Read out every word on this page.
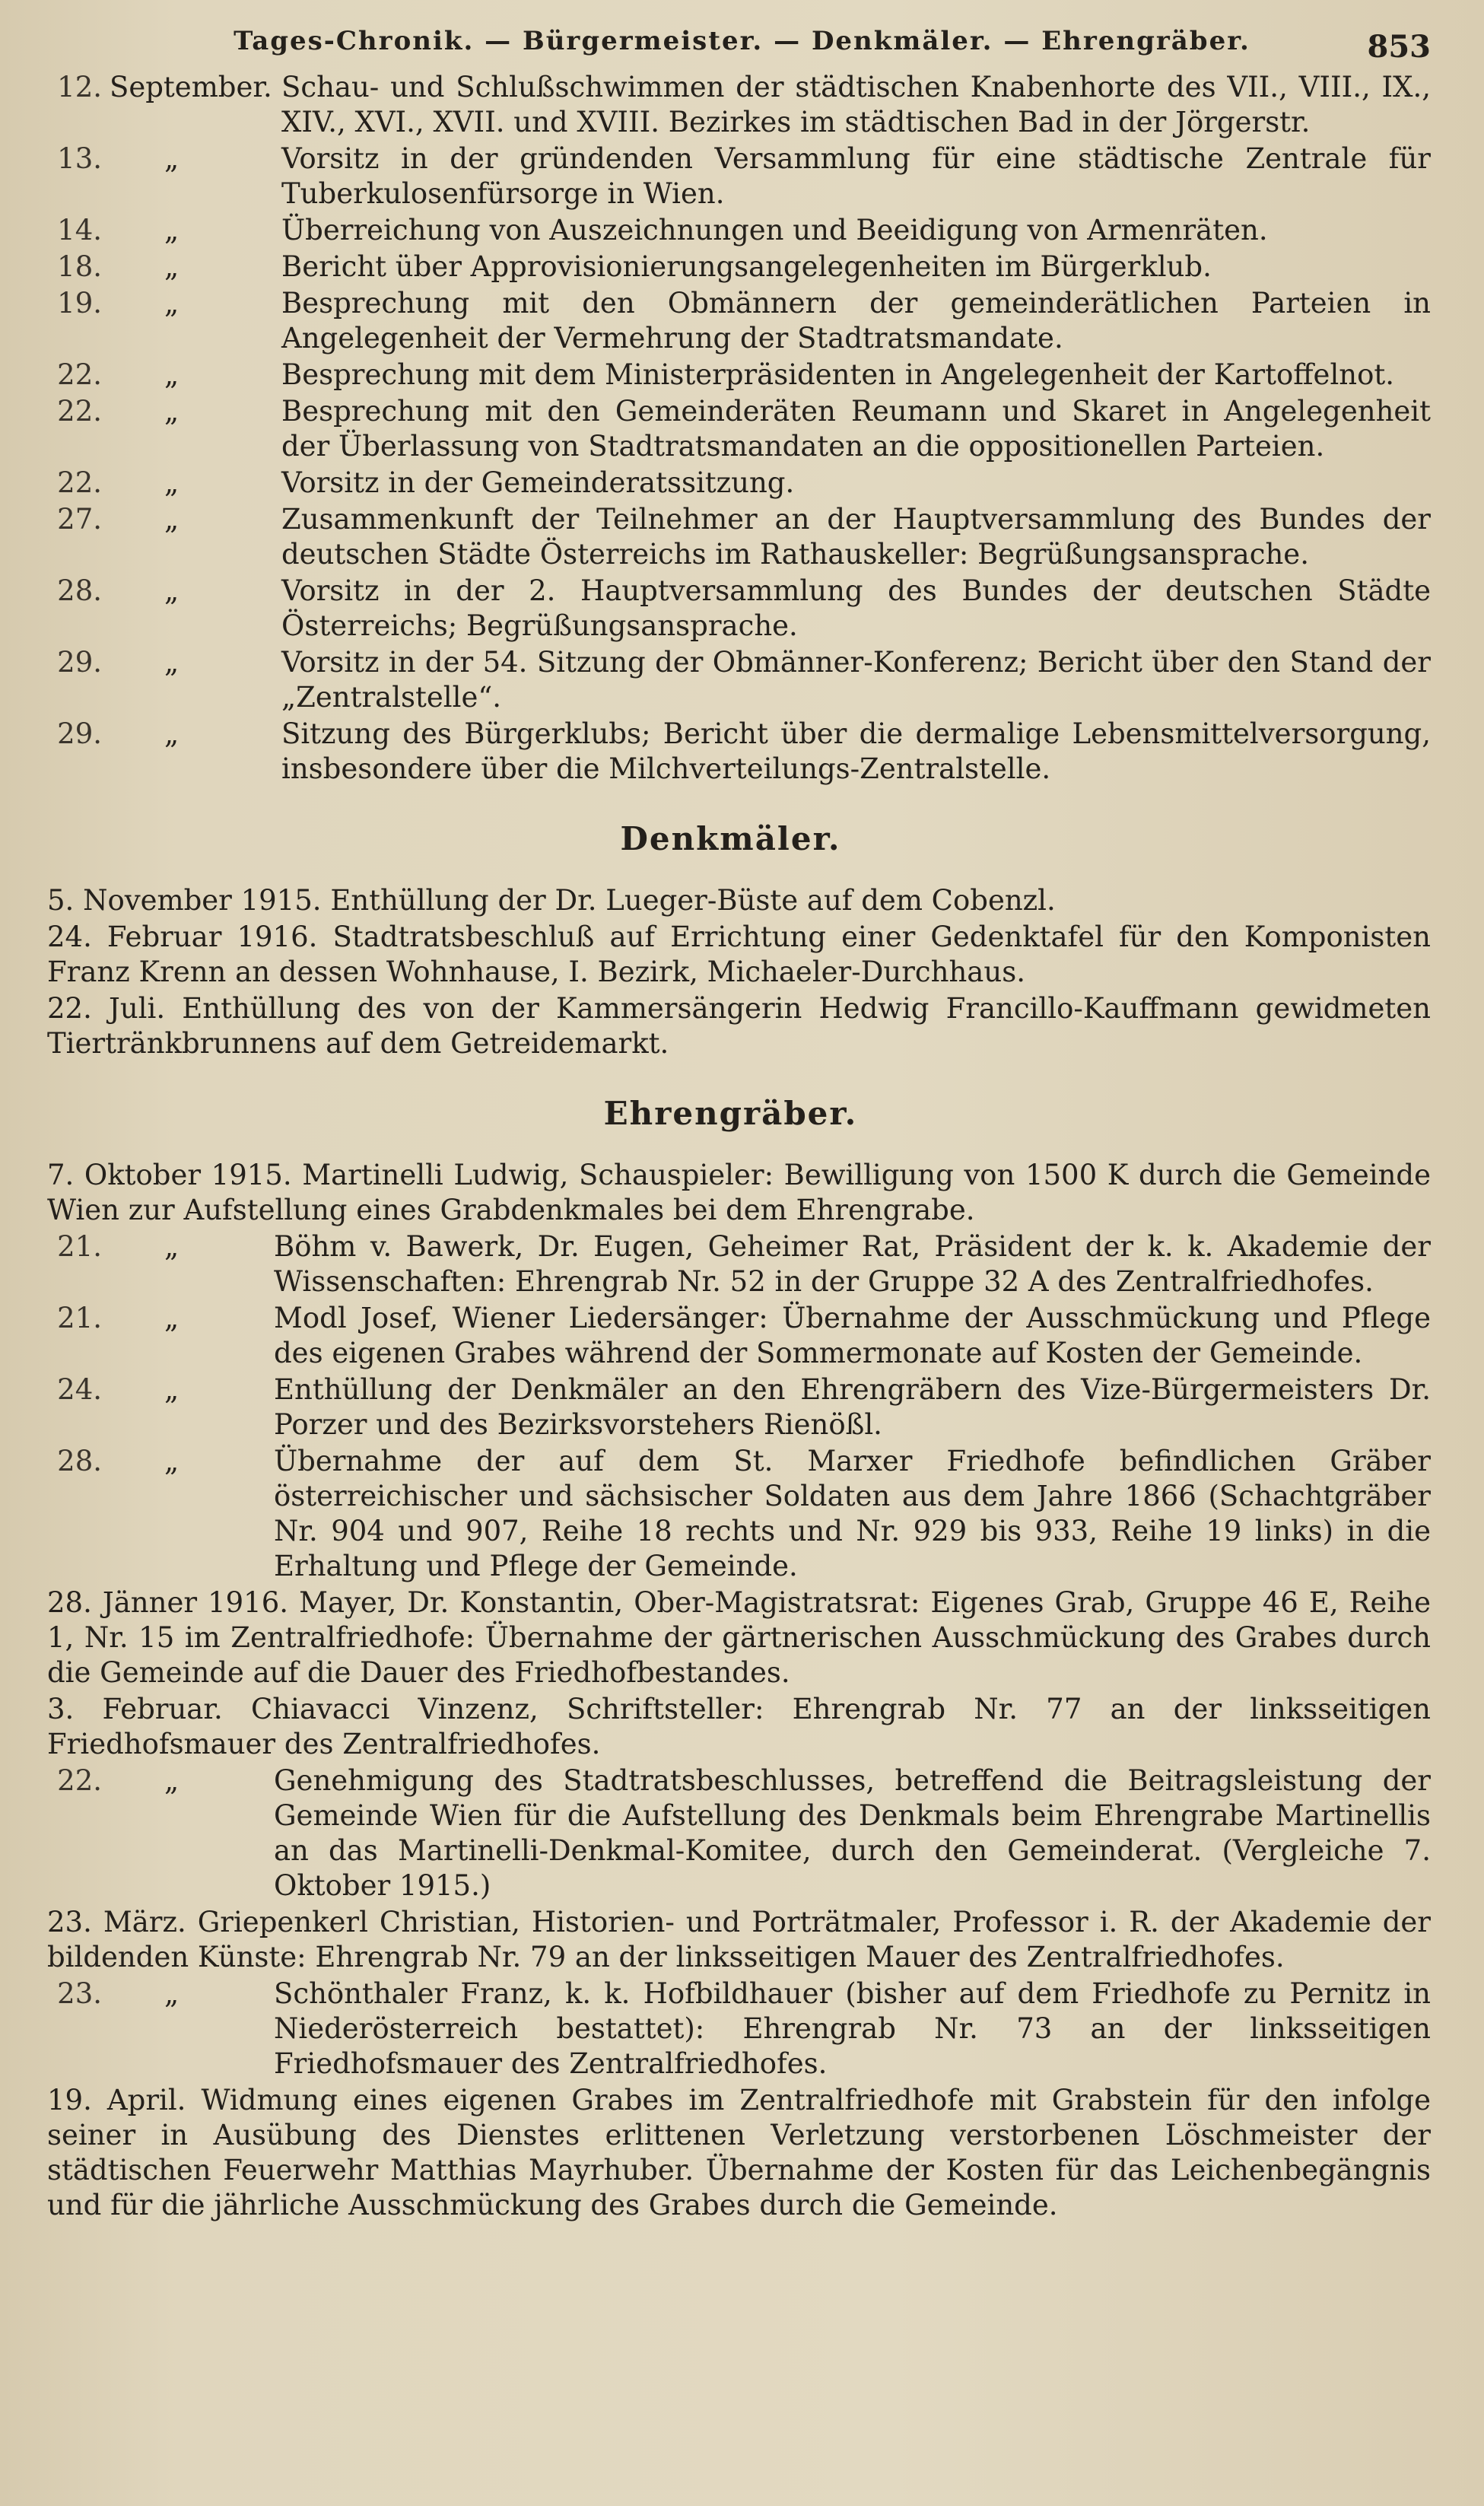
Tages-Chronik. — Bürgermeister. — Denkmäler. — Ehrengräber.	853
12. September. Schau- und Schlußschwimmen der städtischen Knabenhorte des VII., VIII., IX., XIV., XVI., XVII. und XVIII. Bezirkes im städtischen Bad in der Jörgerstr.
13. „	Vorsitz in der gründenden Versammlung für eine städtische Zentrale für Tuberkulosenfürsorge in Wien.
14. „	Überreichung von Auszeichnungen und Beeidigung von Armenräten.
18. „	Bericht über Approvisionierungsangelegenheiten im Bürgerklub.
19. „	Besprechung mit den Obmännern der gemeinderätlichen Parteien in Angelegenheit der Vermehrung der Stadtratsmandate.
22. „	Besprechung mit dem Ministerpräsidenten in Angelegenheit der Kartoffelnot.
22. „	Besprechung mit den Gemeinderäten Reumann und Skaret in Angelegenheit der Überlassung von Stadtratsmandaten an die oppositionellen Parteien.
22. „	Vorsitz in der Gemeinderatssitzung.
27. „	Zusammenkunft der Teilnehmer an der Hauptversammlung des Bundes der deutschen Städte Österreichs im Rathauskeller: Begrüßungsansprache.
28. „	Vorsitz in der 2. Hauptversammlung des Bundes der deutschen Städte Österreichs; Begrüßungsansprache.
29. „	Vorsitz in der 54. Sitzung der Obmänner-Konferenz; Bericht über den Stand der „Zentralstelle“.
29. „	Sitzung des Bürgerklubs; Bericht über die dermalige Lebensmittelversorgung, insbesondere über die Milchverteilungs-Zentralstelle.
Denkmäler.
5. November 1915. Enthüllung der Dr. Lueger-Büste auf dem Cobenzl.
24. Februar 1916. Stadtratsbeschluß auf Errichtung einer Gedenktafel für den Komponisten Franz Krenn an dessen Wohnhause, I. Bezirk, Michaeler-Durchhaus.
22. Juli. Enthüllung des von der Kammersängerin Hedwig Francillo-Kauffmann gewidmeten Tiertränkbrunnens auf dem Getreidemarkt.
Ehrengräber.
7. Oktober 1915. Martinelli Ludwig, Schauspieler: Bewilligung von 1500 K durch die Gemeinde Wien zur Aufstellung eines Grabdenkmales bei dem Ehrengrabe.
21. „	Böhm v. Bawerk, Dr. Eugen, Geheimer Rat, Präsident der k. k. Akademie der Wissenschaften: Ehrengrab Nr. 52 in der Gruppe 32 A des Zentralfriedhofes.
21. „	Modl Josef, Wiener Liedersänger: Übernahme der Ausschmückung und Pflege des eigenen Grabes während der Sommermonate auf Kosten der Gemeinde.
24. „	Enthüllung der Denkmäler an den Ehrengräbern des Vize-Bürgermeisters Dr. Porzer und des Bezirksvorstehers Rienößl.
28. „	Übernahme der auf dem St. Marxer Friedhofe befindlichen Gräber österreichischer und sächsischer Soldaten aus dem Jahre 1866 (Schachtgräber Nr. 904 und 907, Reihe 18 rechts und Nr. 929 bis 933, Reihe 19 links) in die Erhaltung und Pflege der Gemeinde.
28. Jänner 1916. Mayer, Dr. Konstantin, Ober-Magistratsrat: Eigenes Grab, Gruppe 46 E, Reihe 1, Nr. 15 im Zentralfriedhofe: Übernahme der gärtnerischen Ausschmückung des Grabes durch die Gemeinde auf die Dauer des Friedhofbestandes.
3. Februar. Chiavacci Vinzenz, Schriftsteller: Ehrengrab Nr. 77 an der linksseitigen Friedhofsmauer des Zentralfriedhofes.
22. „	Genehmigung des Stadtratsbeschlusses, betreffend die Beitragsleistung der Gemeinde Wien für die Aufstellung des Denkmals beim Ehrengrabe Martinellis an das Martinelli-Denkmal-Komitee, durch den Gemeinderat. (Vergleiche 7. Oktober 1915.)
23. März. Griepenkerl Christian, Historien- und Porträtmaler, Professor i. R. der Akademie der bildenden Künste: Ehrengrab Nr. 79 an der linksseitigen Mauer des Zentralfriedhofes.
23. „	Schönthaler Franz, k. k. Hofbildhauer (bisher auf dem Friedhofe zu Pernitz in Niederösterreich bestattet): Ehrengrab Nr. 73 an der linksseitigen Friedhofsmauer des Zentralfriedhofes.
19. April. Widmung eines eigenen Grabes im Zentralfriedhofe mit Grabstein für den infolge seiner in Ausübung des Dienstes erlittenen Verletzung verstorbenen Löschmeister der städtischen Feuerwehr Matthias Mayrhuber. Übernahme der Kosten für das Leichenbegängnis und für die jährliche Ausschmückung des Grabes durch die Gemeinde.
